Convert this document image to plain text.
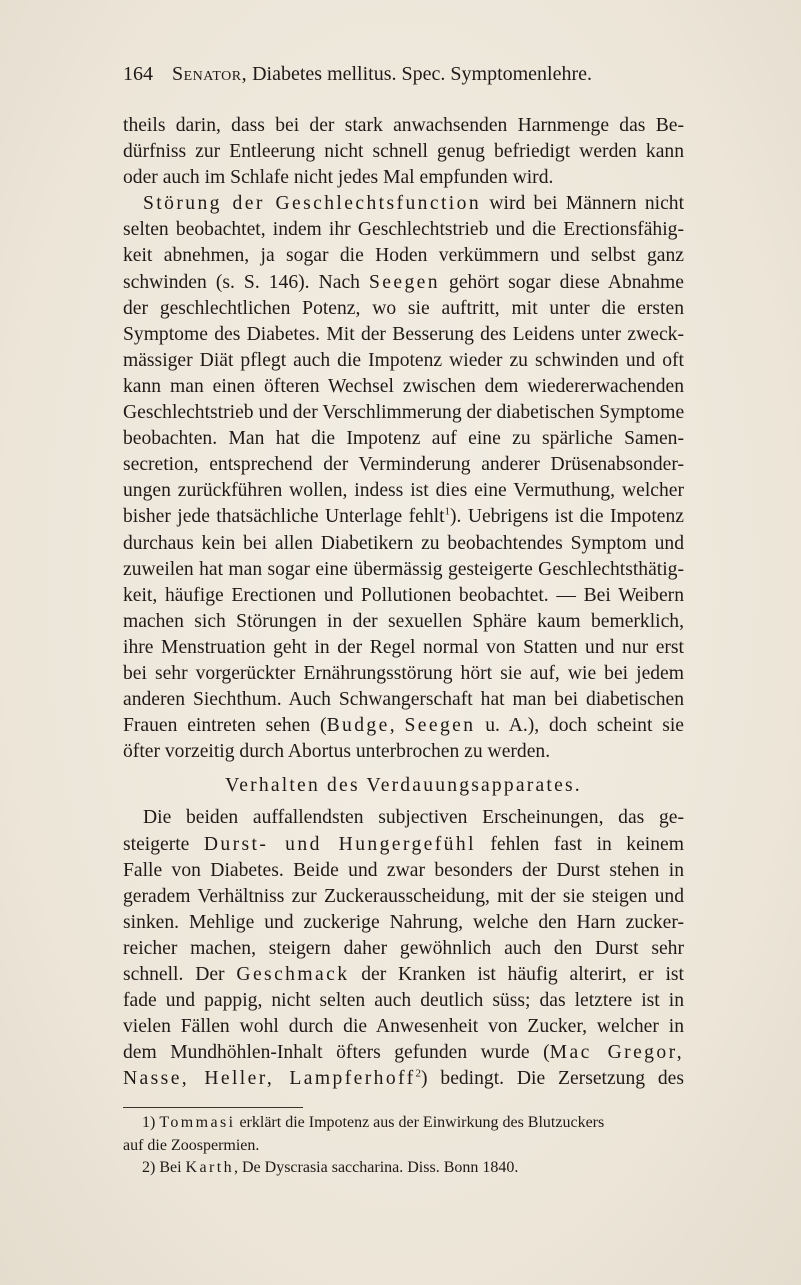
164 Senator, Diabetes mellitus. Spec. Symptomenlehre.
theils darin, dass bei der stark anwachsenden Harnmenge das Be-
dürfniss zur Entleerung nicht schnell genug befriedigt werden kann
oder auch im Schlafe nicht jedes Mal empfunden wird.
Störung der Geschlechtsfunction wird bei Männern nicht
selten beobachtet, indem ihr Geschlechtstrieb und die Erectionsfähig-
keit abnehmen, ja sogar die Hoden verkümmern und selbst ganz
schwinden (s. S. 146). Nach Seegen gehört sogar diese Abnahme
der geschlechtlichen Potenz, wo sie auftritt, mit unter die ersten
Symptome des Diabetes. Mit der Besserung des Leidens unter zweck-
mässiger Diät pflegt auch die Impotenz wieder zu schwinden und oft
kann man einen öfteren Wechsel zwischen dem wiedererwachenden
Geschlechtstrieb und der Verschlimmerung der diabetischen Symptome
beobachten. Man hat die Impotenz auf eine zu spärliche Samen-
secretion, entsprechend der Verminderung anderer Drüsenabsonder-
ungen zurückführen wollen, indess ist dies eine Vermuthung, welcher
bisher jede thatsächliche Unterlage fehlt$^1$). Uebrigens ist die Impotenz
durchaus kein bei allen Diabetikern zu beobachtendes Symptom und
zuweilen hat man sogar eine übermässig gesteigerte Geschlechtsthätig-
keit, häufige Erectionen und Pollutionen beobachtet. — Bei Weibern
machen sich Störungen in der sexuellen Sphäre kaum bemerklich,
ihre Menstruation geht in der Regel normal von Statten und nur erst
bei sehr vorgerückter Ernährungsstörung hört sie auf, wie bei jedem
anderen Siechthum. Auch Schwangerschaft hat man bei diabetischen
Frauen eintreten sehen (Budge, Seegen u. A.), doch scheint sie
öfter vorzeitig durch Abortus unterbrochen zu werden.
Verhalten des Verdauungsapparates.
Die beiden auffallendsten subjectiven Erscheinungen, das ge-
steigerte Durst- und Hungergefühl fehlen fast in keinem
Falle von Diabetes. Beide und zwar besonders der Durst stehen in
geradem Verhältniss zur Zuckerausscheidung, mit der sie steigen und
sinken. Mehlige und zuckerige Nahrung, welche den Harn zucker-
reicher machen, steigern daher gewöhnlich auch den Durst sehr
schnell. Der Geschmack der Kranken ist häufig alterirt, er ist
fade und pappig, nicht selten auch deutlich süss; das letztere ist in
vielen Fällen wohl durch die Anwesenheit von Zucker, welcher in
dem Mundhöhlen-Inhalt öfters gefunden wurde (Mac Gregor,
Nasse, Heller, Lampferhoff$^2$) bedingt. Die Zersetzung des
1) Tommasi erklärt die Impotenz aus der Einwirkung des Blutzuckers
auf die Zoospermien.
2) Bei Karth, De Dyscrasia saccharina. Diss. Bonn 1840.
